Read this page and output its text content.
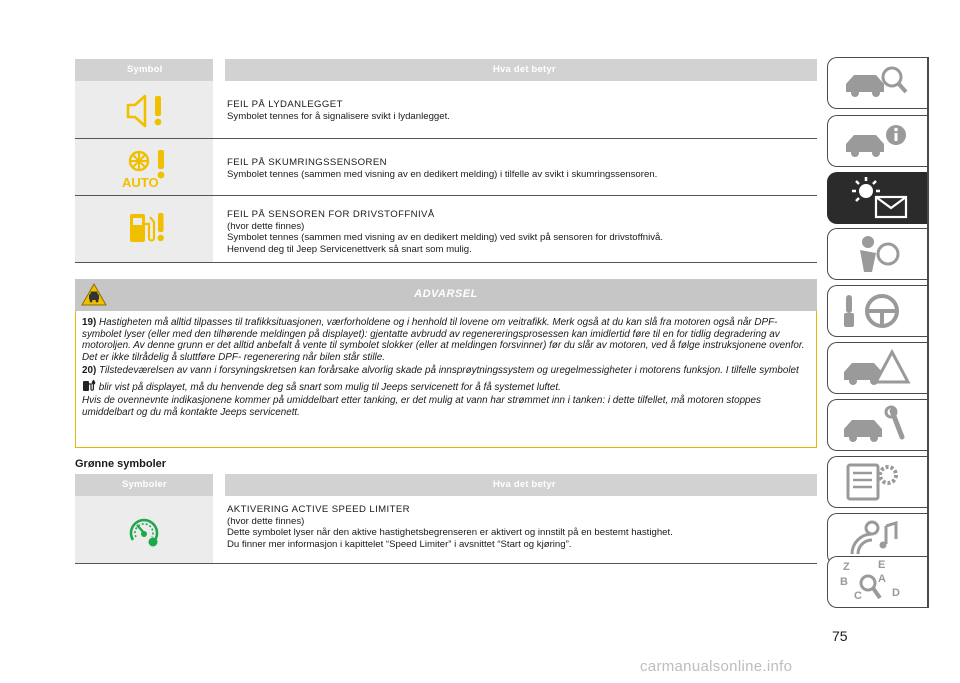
Symbol	Hva det betyr
FEIL PÅ LYDANLEGGET
Symbolet tennes for å signalisere svikt i lydanlegget.
AUTO
FEIL PÅ SKUMRINGSSENSOREN
Symbolet tennes (sammen med visning av en dedikert melding) i tilfelle av svikt i skumringssensoren.
FEIL PÅ SENSOREN FOR DRIVSTOFFNIVÅ
(hvor dette finnes)
Symbolet tennes (sammen med visning av en dedikert melding) ved svikt på sensoren for drivstoffnivå.
Henvend deg til Jeep Servicenettverk så snart som mulig.
ADVARSEL

19) Hastigheten må alltid tilpasses til trafikksituasjonen, værforholdene og i henhold til lovene om veitrafikk. Merk også at du kan slå fra motoren også når DPF-symbolet lyser (eller med den tilhørende meldingen på displayet): gjentatte avbrudd av regenereringsprosessen kan imidlertid føre til en for tidlig degradering av motoroljen. Av denne grunn er det alltid anbefalt å vente til symbolet slokker (eller at meldingen forsvinner) før du slår av motoren, ved å følge instruksjonene ovenfor. Det er ikke tilrådelig å sluttføre DPF- regenerering når bilen står stille.

20) Tilstedeværelsen av vann i forsyningskretsen kan forårsake alvorlig skade på innsprøytningssystem og uregelmessigheter i motorens funksjon. I tilfelle symbolet  blir vist på displayet, må du henvende deg så snart som mulig til Jeeps servicenett for å få systemet luftet.

Hvis de ovennevnte indikasjonene kommer på umiddelbart etter tanking, er det mulig at vann har strømmet inn i tanken: i dette tilfellet, må motoren stoppes umiddelbart og du må kontakte Jeeps servicenett.

Grønne symboler
Symboler	Hva det betyr
AKTIVERING ACTIVE SPEED LIMITER
(hvor dette finnes)
Dette symbolet lyser når den aktive hastighetsbegrenseren er aktivert og innstilt på en bestemt hastighet.
Du finner mer informasjon i kapittelet “Speed Limiter” i avsnittet “Start og kjøring”.
Z	E
B	A
C	D
75
carmanualsonline.info
